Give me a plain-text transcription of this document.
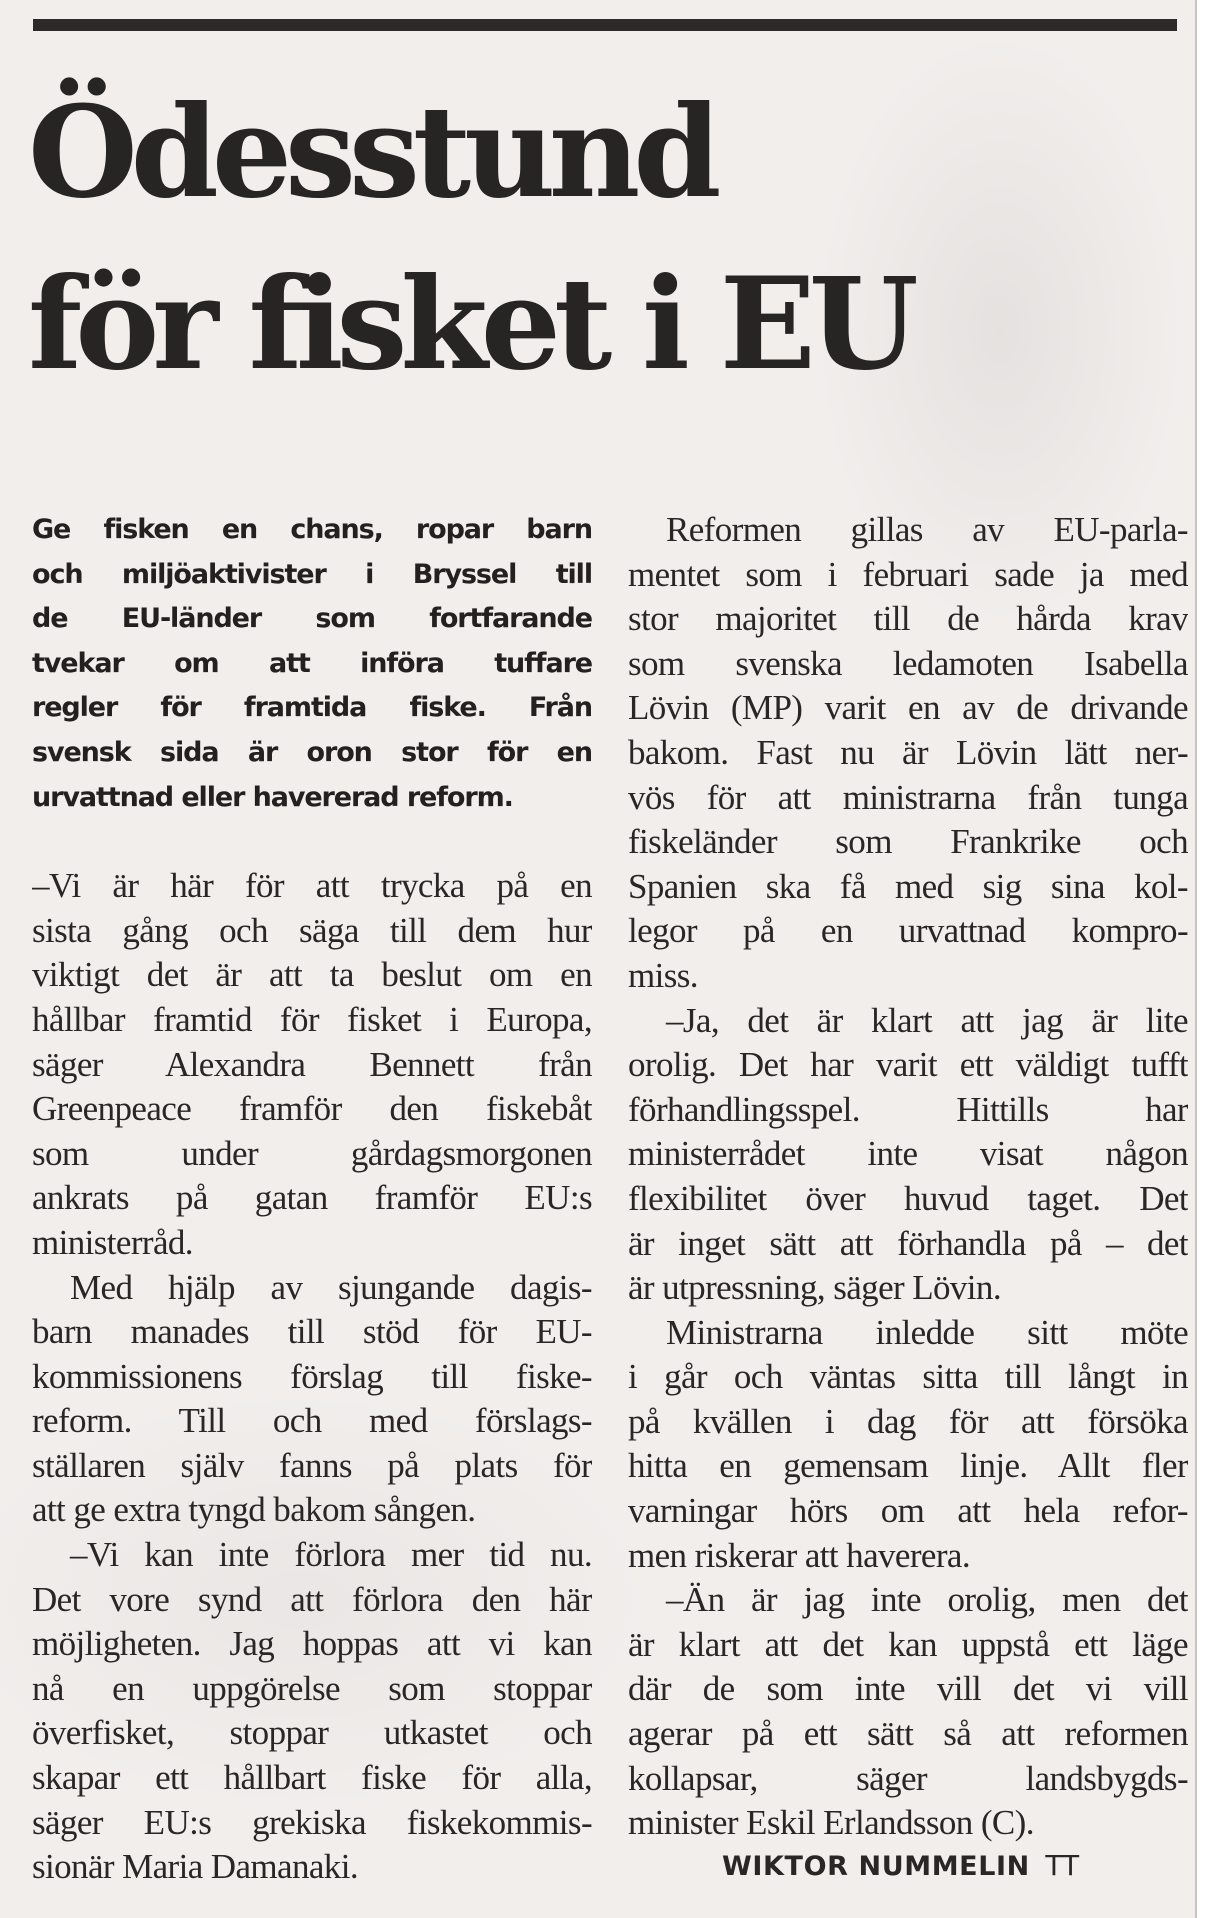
Ödesstund
för fisket i EU
Ge fisken en chans, ropar barn
och miljöaktivister i Bryssel till
de EU-länder som fortfarande
tvekar om att införa tuffare
regler för framtida fiske. Från
svensk sida är oron stor för en
urvattnad eller havererad reform.
–Vi är här för att trycka på en
sista gång och säga till dem hur
viktigt det är att ta beslut om en
hållbar framtid för fisket i Europa,
säger Alexandra Bennett från
Greenpeace framför den fiskebåt
som under gårdagsmorgonen
ankrats på gatan framför EU:s
ministerråd.
Med hjälp av sjungande dagis-
barn manades till stöd för EU-
kommissionens förslag till fiske-
reform. Till och med förslags-
ställaren själv fanns på plats för
att ge extra tyngd bakom sången.
–Vi kan inte förlora mer tid nu.
Det vore synd att förlora den här
möjligheten. Jag hoppas att vi kan
nå en uppgörelse som stoppar
överfisket, stoppar utkastet och
skapar ett hållbart fiske för alla,
säger EU:s grekiska fiskekommis-
sionär Maria Damanaki.
Reformen gillas av EU-parla-
mentet som i februari sade ja med
stor majoritet till de hårda krav
som svenska ledamoten Isabella
Lövin (MP) varit en av de drivande
bakom. Fast nu är Lövin lätt ner-
vös för att ministrarna från tunga
fiskeländer som Frankrike och
Spanien ska få med sig sina kol-
legor på en urvattnad kompro-
miss.
–Ja, det är klart att jag är lite
orolig. Det har varit ett väldigt tufft
förhandlingsspel. Hittills har
ministerrådet inte visat någon
flexibilitet över huvud taget. Det
är inget sätt att förhandla på – det
är utpressning, säger Lövin.
Ministrarna inledde sitt möte
i går och väntas sitta till långt in
på kvällen i dag för att försöka
hitta en gemensam linje. Allt fler
varningar hörs om att hela refor-
men riskerar att haverera.
–Än är jag inte orolig, men det
är klart att det kan uppstå ett läge
där de som inte vill det vi vill
agerar på ett sätt så att reformen
kollapsar, säger landsbygds-
minister Eskil Erlandsson (C).
WIKTOR NUMMELIN TT
